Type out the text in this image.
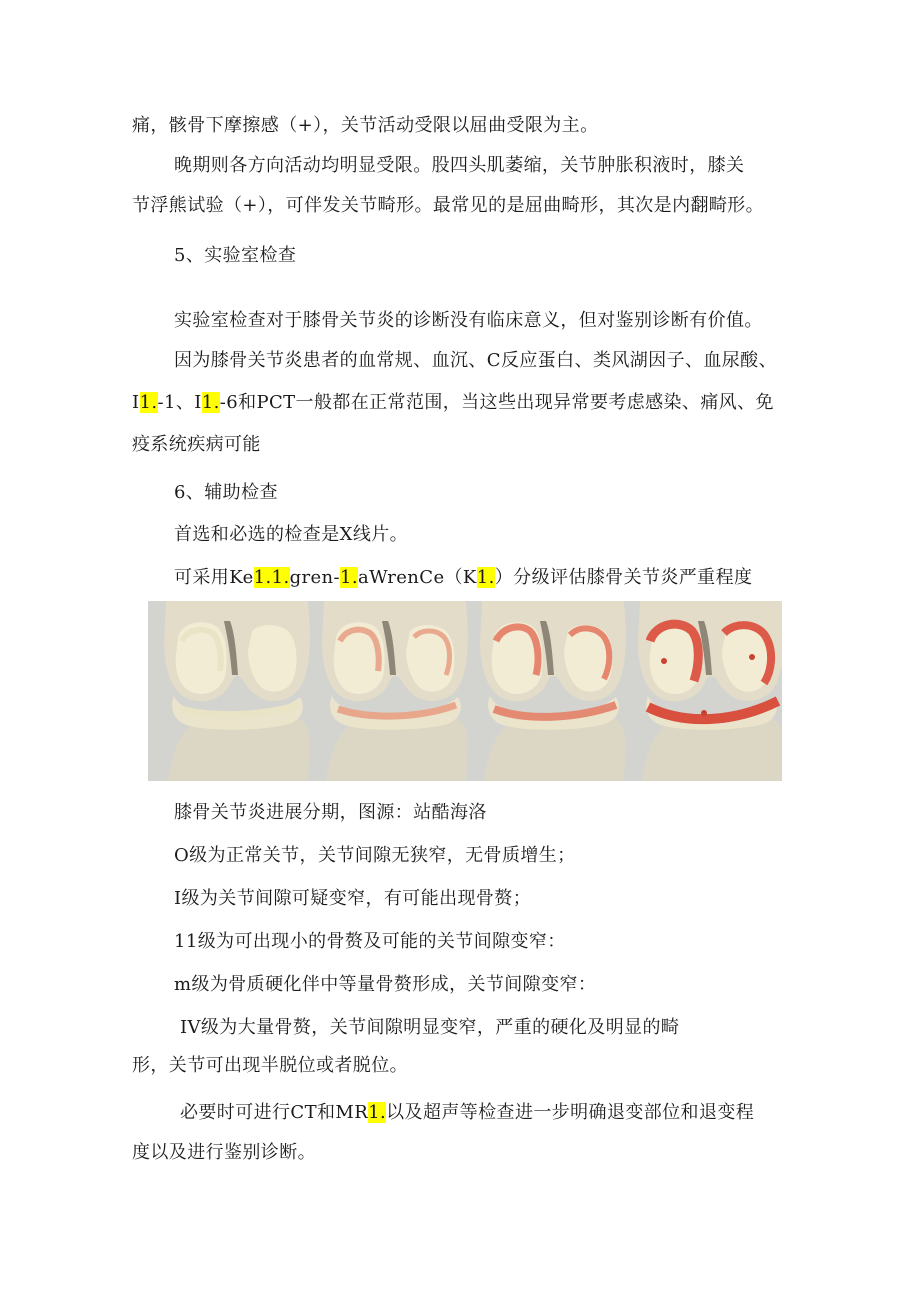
痛，骸骨下摩擦感（+），关节活动受限以屈曲受限为主。
晚期则各方向活动均明显受限。股四头肌萎缩，关节肿胀积液时，膝关
节浮熊试验（+），可伴发关节畸形。最常见的是屈曲畸形，其次是内翻畸形。
5、实验室检查
实验室检查对于膝骨关节炎的诊断没有临床意义，但对鉴别诊断有价值。
因为膝骨关节炎患者的血常规、血沉、C反应蛋白、类风湖因子、血尿酸、
I1.-1、I1.-6和PCT一般都在正常范围，当这些出现异常要考虑感染、痛风、免
疫系统疾病可能
6、辅助检查
首选和必选的检查是X线片。
可采用Ke1.1.gren-1.aWrenCe（K1.）分级评估膝骨关节炎严重程度
膝骨关节炎进展分期，图源：站酷海洛
O级为正常关节，关节间隙无狭窄，无骨质增生；
I级为关节间隙可疑变窄，有可能出现骨赘；
11级为可出现小的骨赘及可能的关节间隙变窄：
m级为骨质硬化伴中等量骨赘形成，关节间隙变窄：
IV级为大量骨赘，关节间隙明显变窄，严重的硬化及明显的畸
形，关节可出现半脱位或者脱位。
必要时可进行CT和MR1.以及超声等检查进一步明确退变部位和退变程
度以及进行鉴别诊断。
